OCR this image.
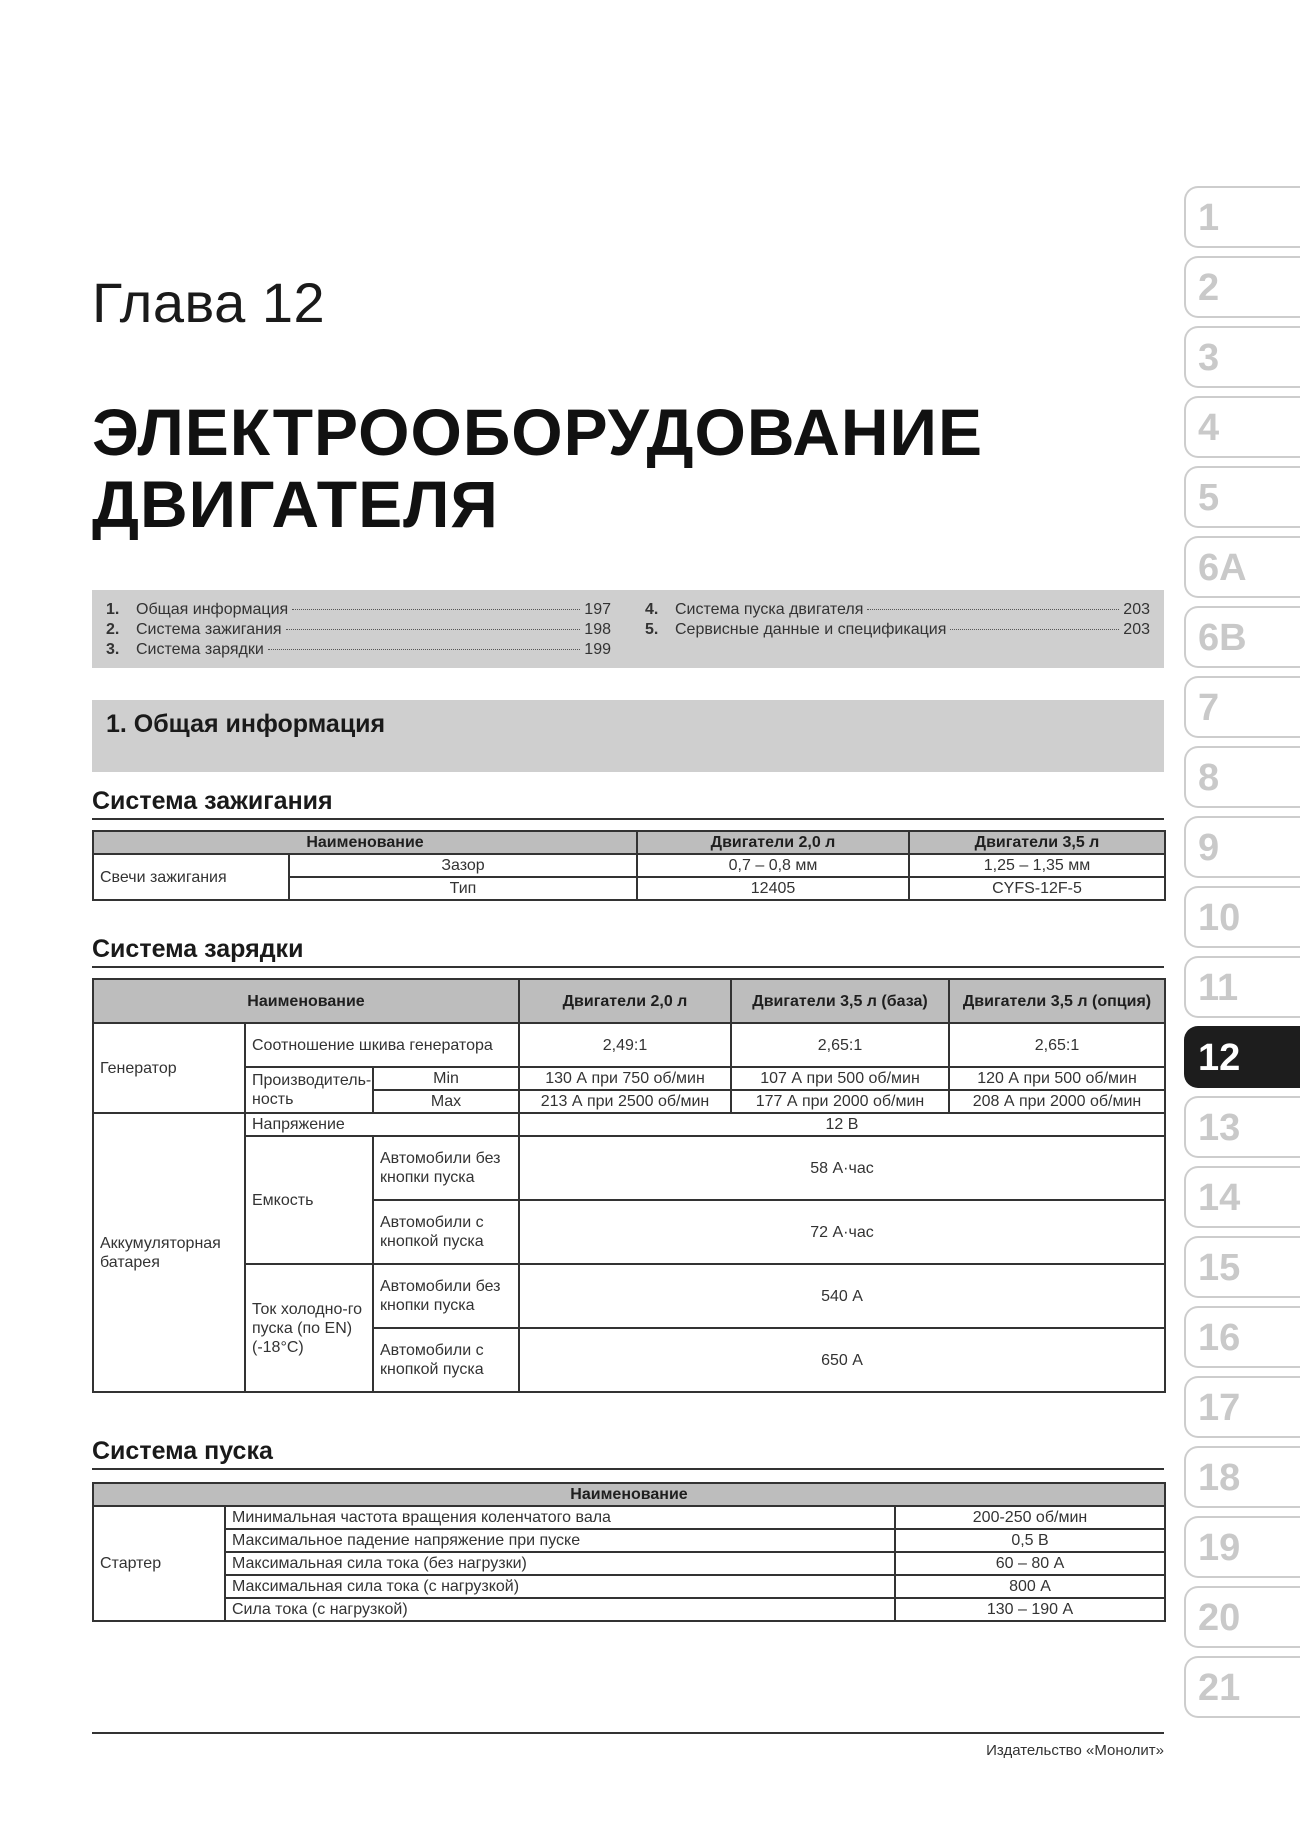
Глава 12
ЭЛЕКТРООБОРУДОВАНИЕ
ДВИГАТЕЛЯ
1.	Общая информация	197
2.	Система зажигания	198
3.	Система зарядки	199
4.	Система пуска двигателя	203
5.	Сервисные данные и спецификация	203
1. Общая информация
Система зажигания
Наименование		Двигатели 2,0 л	Двигатели 3,5 л
Свечи зажигания	Зазор	0,7 – 0,8 мм	1,25 – 1,35 мм
	Тип	12405	CYFS-12F-5
Система зарядки
Наименование			Двигатели 2,0 л	Двигатели 3,5 л (база)	Двигатели 3,5 л (опция)
Генератор	Соотношение шкива генератора		2,49:1	2,65:1	2,65:1
	Производитель-ность	Min	130 А при 750 об/мин	107 А при 500 об/мин	120 А при 500 об/мин
		Max	213 А при 2500 об/мин	177 А при 2000 об/мин	208 А при 2000 об/мин
Аккумуляторная батарея	Напряжение		12 В		
	Емкость	Автомобили без кнопки пуска	58 А·час		
		Автомобили с кнопкой пуска	72 А·час		
	Ток холодно-го пуска (по EN) (-18°C)	Автомобили без кнопки пуска	540 А		
		Автомобили с кнопкой пуска	650 А		
Система пуска
Наименование		
Стартер	Минимальная частота вращения коленчатого вала	200-250 об/мин
	Максимальное падение напряжение при пуске	0,5 В
	Максимальная сила тока (без нагрузки)	60 – 80 А
	Максимальная сила тока (с нагрузкой)	800 А
	Сила тока (с нагрузкой)	130 – 190 А
1
2
3
4
5
6A
6B
7
8
9
10
11
12
13
14
15
16
17
18
19
20
21
Издательство «Монолит»
